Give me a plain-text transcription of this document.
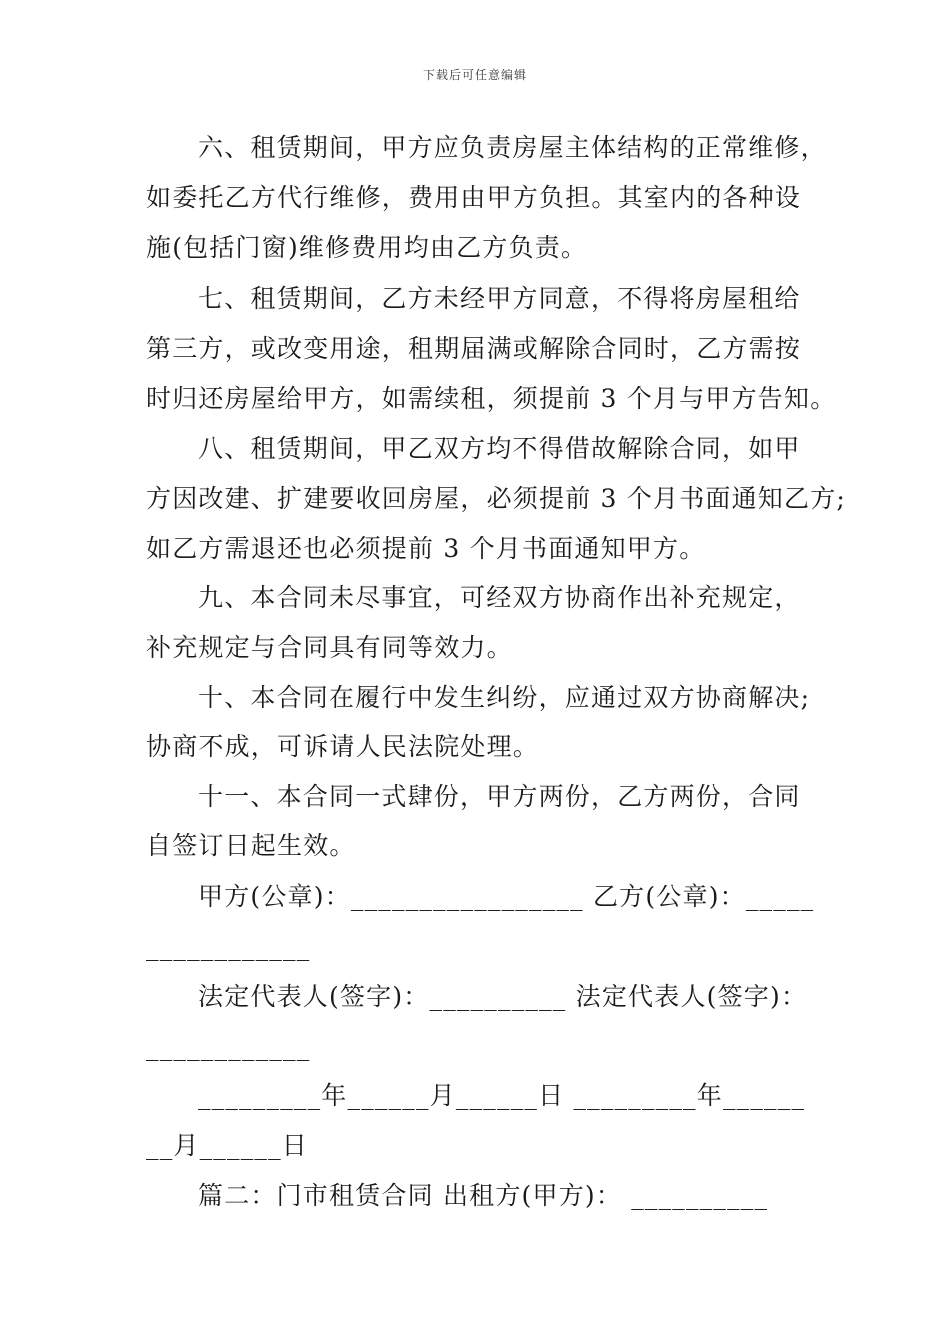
下载后可任意编辑
六、租赁期间，甲方应负责房屋主体结构的正常维修，
如委托乙方代行维修，费用由甲方负担。其室内的各种设
施(包括门窗)维修费用均由乙方负责。
七、租赁期间，乙方未经甲方同意，不得将房屋租给
第三方，或改变用途，租期届满或解除合同时，乙方需按
时归还房屋给甲方，如需续租，须提前 3 个月与甲方告知。
八、租赁期间，甲乙双方均不得借故解除合同，如甲
方因改建、扩建要收回房屋，必须提前 3 个月书面通知乙方;
如乙方需退还也必须提前 3 个月书面通知甲方。
九、本合同未尽事宜，可经双方协商作出补充规定，
补充规定与合同具有同等效力。
十、本合同在履行中发生纠纷，应通过双方协商解决;
协商不成，可诉请人民法院处理。
十一、本合同一式肆份，甲方两份，乙方两份，合同
自签订日起生效。
甲方(公章)：_________________ 乙方(公章)：_____
____________
法定代表人(签字)：__________ 法定代表人(签字)：
____________
_________年______月______日 _________年______
__月______日
篇二：门市租赁合同 出租方(甲方)： __________
